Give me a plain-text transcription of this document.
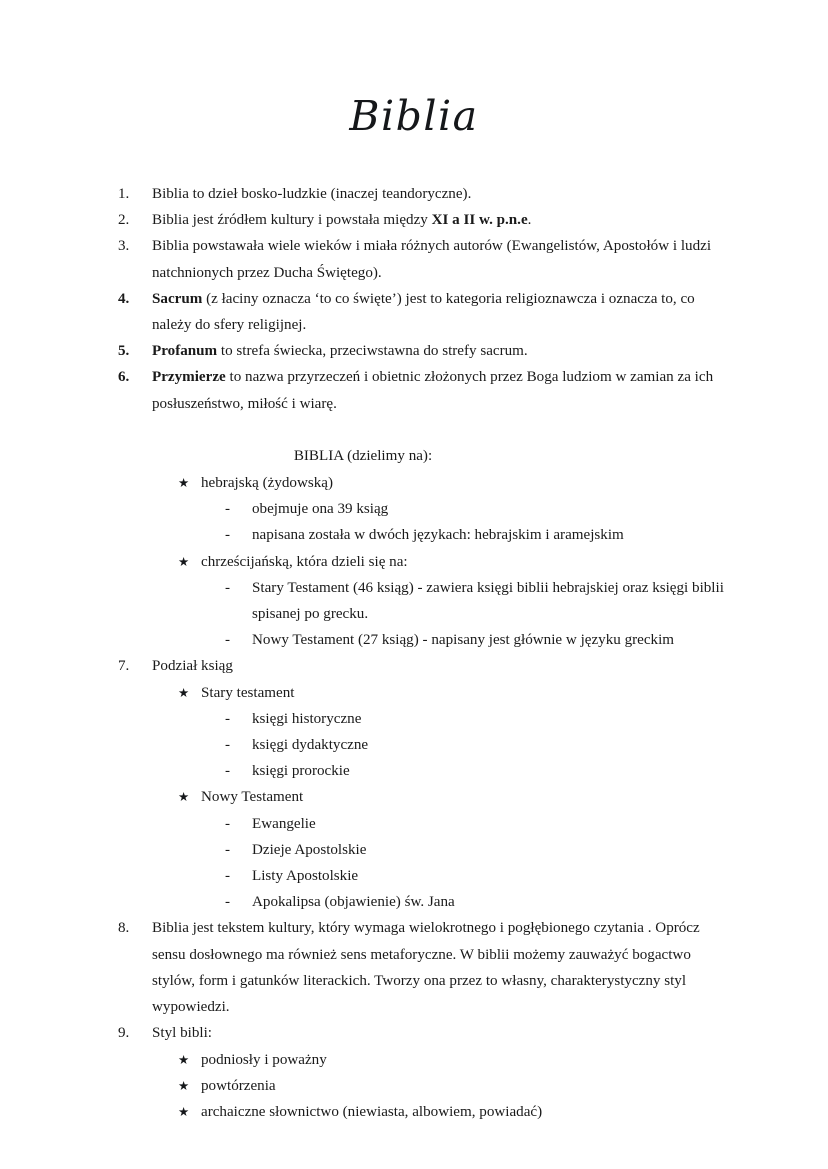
Biblia
1.	Biblia to dzieł bosko-ludzkie (inaczej teandoryczne).
2.	Biblia jest źródłem kultury i powstała między XI a II w. p.n.e.
3.	Biblia powstawała wiele wieków i miała różnych autorów (Ewangelistów, Apostołów i ludzi natchnionych przez Ducha Świętego).
4.	Sacrum (z łaciny oznacza ‘to co święte’) jest to kategoria religioznawcza i oznacza to, co należy do sfery religijnej.
5.	Profanum to strefa świecka, przeciwstawna do strefy sacrum.
6.	Przymierze to nazwa przyrzeczeń i obietnic złożonych przez Boga ludziom w zamian za ich posłuszeństwo, miłość i wiarę.
BIBLIA (dzielimy na):
★ hebrajską (żydowską)
-	obejmuje ona 39 ksiąg
-	napisana została w dwóch językach: hebrajskim i aramejskim
★ chrześcijańską, która dzieli się na:
-	Stary Testament (46 ksiąg) - zawiera księgi biblii hebrajskiej oraz księgi biblii spisanej po grecku.
-	Nowy Testament (27 ksiąg) - napisany jest głównie w języku greckim
7.	Podział ksiąg
★ Stary testament
-	księgi historyczne
-	księgi dydaktyczne
-	księgi prorockie
★ Nowy Testament
-	Ewangelie
-	Dzieje Apostolskie
-	Listy Apostolskie
-	Apokalipsa (objawienie) św. Jana
8.	Biblia jest tekstem kultury, który wymaga wielokrotnego i pogłębionego czytania . Oprócz sensu dosłownego ma również sens metaforyczne. W biblii możemy zauważyć bogactwo stylów, form i gatunków literackich. Tworzy ona przez to własny, charakterystyczny styl wypowiedzi.
9.	Styl bibli:
★ podniosły i poważny
★ powtórzenia
★ archaiczne słownictwo (niewiasta, albowiem, powiadać)
